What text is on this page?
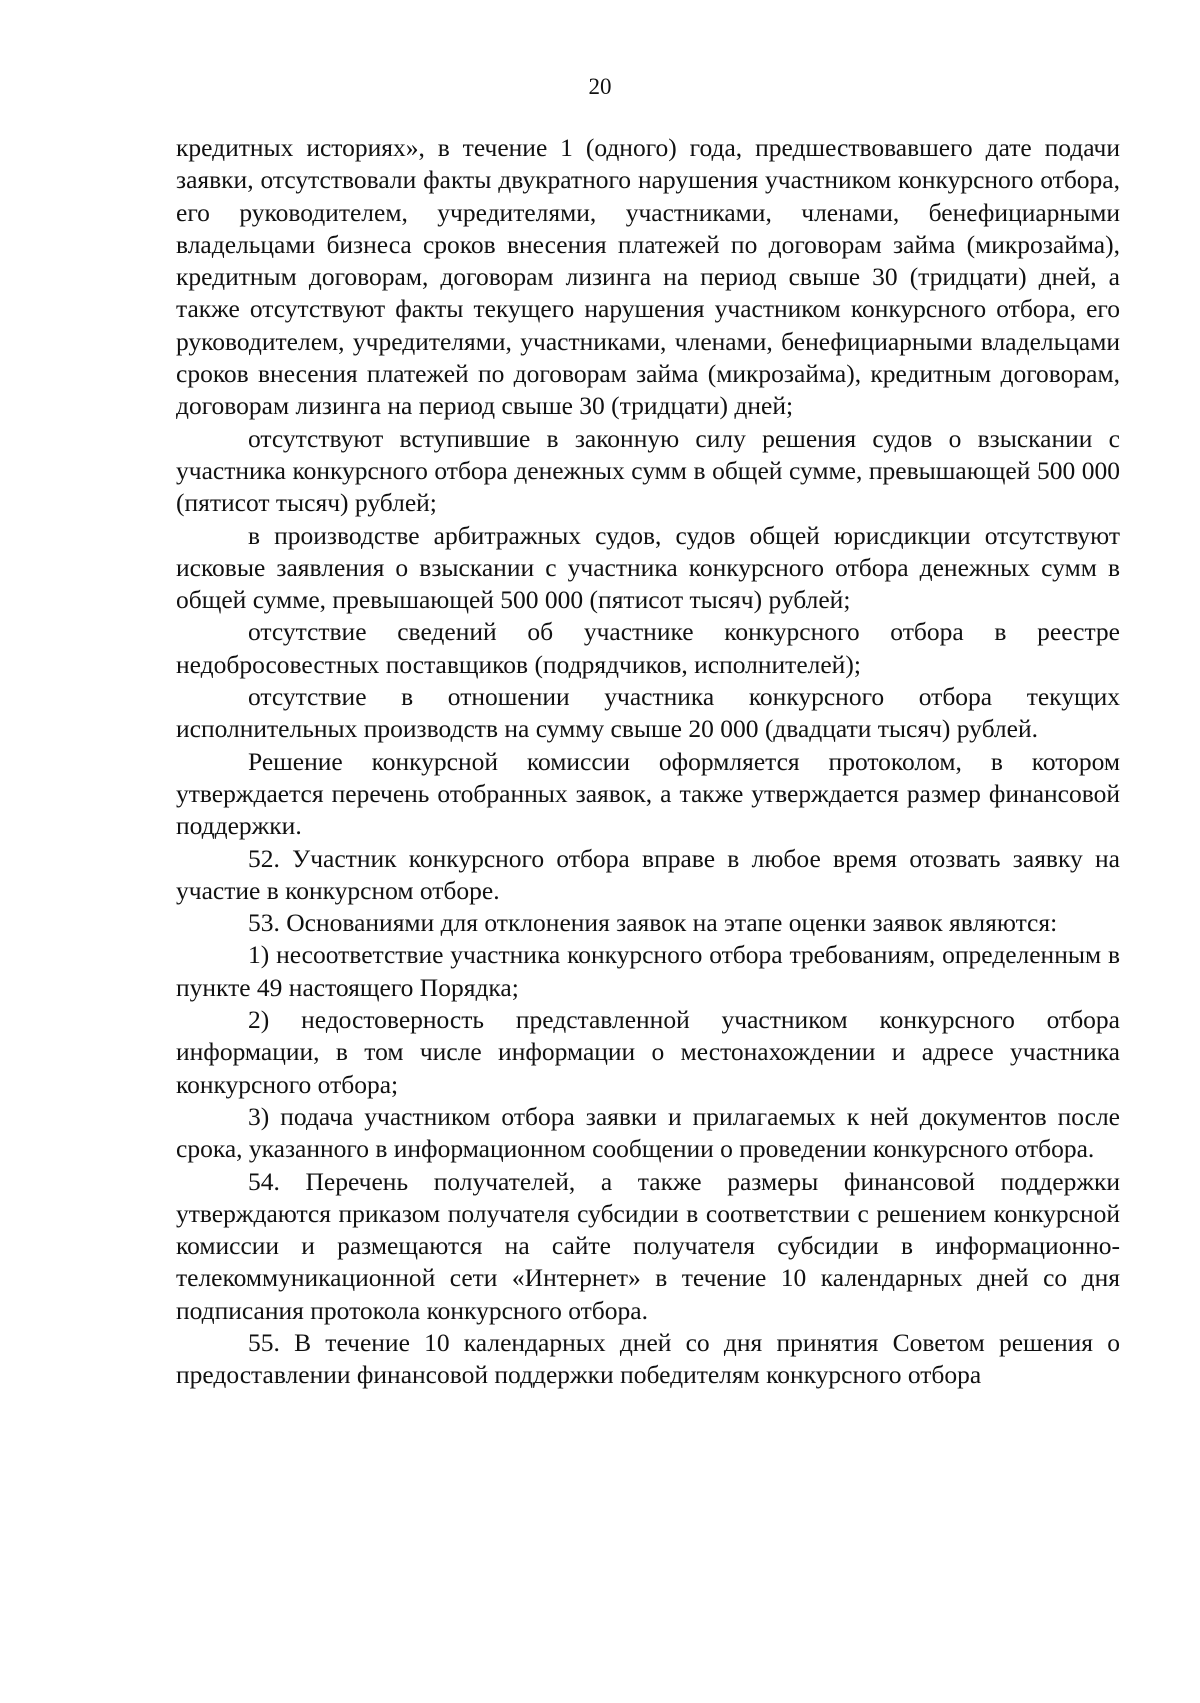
20

кредитных историях», в течение 1 (одного) года, предшествовавшего дате подачи заявки, отсутствовали факты двукратного нарушения участником конкурсного отбора, его руководителем, учредителями, участниками, членами, бенефициарными владельцами бизнеса сроков внесения платежей по договорам займа (микрозайма), кредитным договорам, договорам лизинга на период свыше 30 (тридцати) дней, а также отсутствуют факты текущего нарушения участником конкурсного отбора, его руководителем, учредителями, участниками, членами, бенефициарными владельцами сроков внесения платежей по договорам займа (микрозайма), кредитным договорам, договорам лизинга на период свыше 30 (тридцати) дней;

отсутствуют вступившие в законную силу решения судов о взыскании с участника конкурсного отбора денежных сумм в общей сумме, превышающей 500 000 (пятисот тысяч) рублей;

в производстве арбитражных судов, судов общей юрисдикции отсутствуют исковые заявления о взыскании с участника конкурсного отбора денежных сумм в общей сумме, превышающей 500 000 (пятисот тысяч) рублей;

отсутствие сведений об участнике конкурсного отбора в реестре недобросовестных поставщиков (подрядчиков, исполнителей);

отсутствие в отношении участника конкурсного отбора текущих исполнительных производств на сумму свыше 20 000 (двадцати тысяч) рублей.

Решение конкурсной комиссии оформляется протоколом, в котором утверждается перечень отобранных заявок, а также утверждается размер финансовой поддержки.

52. Участник конкурсного отбора вправе в любое время отозвать заявку на участие в конкурсном отборе.

53. Основаниями для отклонения заявок на этапе оценки заявок являются:

1) несоответствие участника конкурсного отбора требованиям, определенным в пункте 49 настоящего Порядка;

2) недостоверность представленной участником конкурсного отбора информации, в том числе информации о местонахождении и адресе участника конкурсного отбора;

3) подача участником отбора заявки и прилагаемых к ней документов после срока, указанного в информационном сообщении о проведении конкурсного отбора.

54. Перечень получателей, а также размеры финансовой поддержки утверждаются приказом получателя субсидии в соответствии с решением конкурсной комиссии и размещаются на сайте получателя субсидии в информационно-телекоммуникационной сети «Интернет» в течение 10 календарных дней со дня подписания протокола конкурсного отбора.

55. В течение 10 календарных дней со дня принятия Советом решения о предоставлении финансовой поддержки победителям конкурсного отбора
